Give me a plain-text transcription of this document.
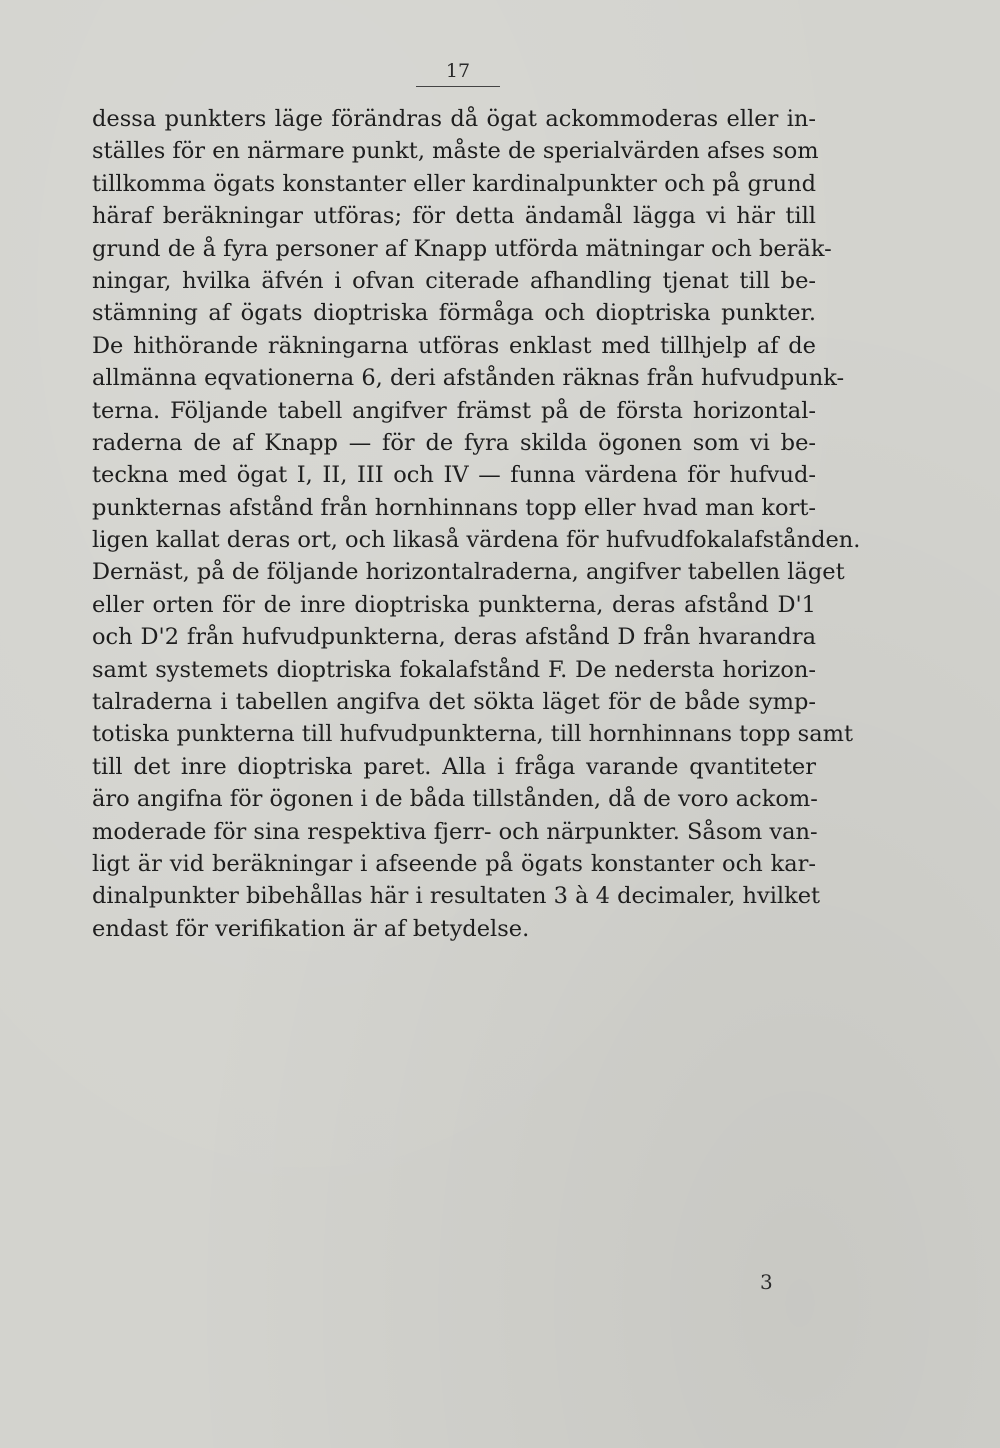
17
dessa punkters läge förändras då ögat ackommoderas eller in-
ställes för en närmare punkt, måste de sperialvärden afses som
tillkomma ögats konstanter eller kardinalpunkter och på grund
häraf beräkningar utföras; för detta ändamål lägga vi här till
grund de å fyra personer af Knapp utförda mätningar och beräk-
ningar, hvilka äfvén i ofvan citerade afhandling tjenat till be-
stämning af ögats dioptriska förmåga och dioptriska punkter.
De hithörande räkningarna utföras enklast med tillhjelp af de
allmänna eqvationerna 6, deri afstånden räknas från hufvudpunk-
terna. Följande tabell angifver främst på de första horizontal-
raderna de af Knapp — för de fyra skilda ögonen som vi be-
teckna med ögat I, II, III och IV — funna värdena för hufvud-
punkternas afstånd från hornhinnans topp eller hvad man kort-
ligen kallat deras ort, och likaså värdena för hufvudfokalafstånden.
Dernäst, på de följande horizontalraderna, angifver tabellen läget
eller orten för de inre dioptriska punkterna, deras afstånd D'1
och D'2 från hufvudpunkterna, deras afstånd D från hvarandra
samt systemets dioptriska fokalafstånd F. De nedersta horizon-
talraderna i tabellen angifva det sökta läget för de både symp-
totiska punkterna till hufvudpunkterna, till hornhinnans topp samt
till det inre dioptriska paret. Alla i fråga varande qvantiteter
äro angifna för ögonen i de båda tillstånden, då de voro ackom-
moderade för sina respektiva fjerr- och närpunkter. Såsom van-
ligt är vid beräkningar i afseende på ögats konstanter och kar-
dinalpunkter bibehållas här i resultaten 3 à 4 decimaler, hvilket
endast för verifikation är af betydelse.
3
